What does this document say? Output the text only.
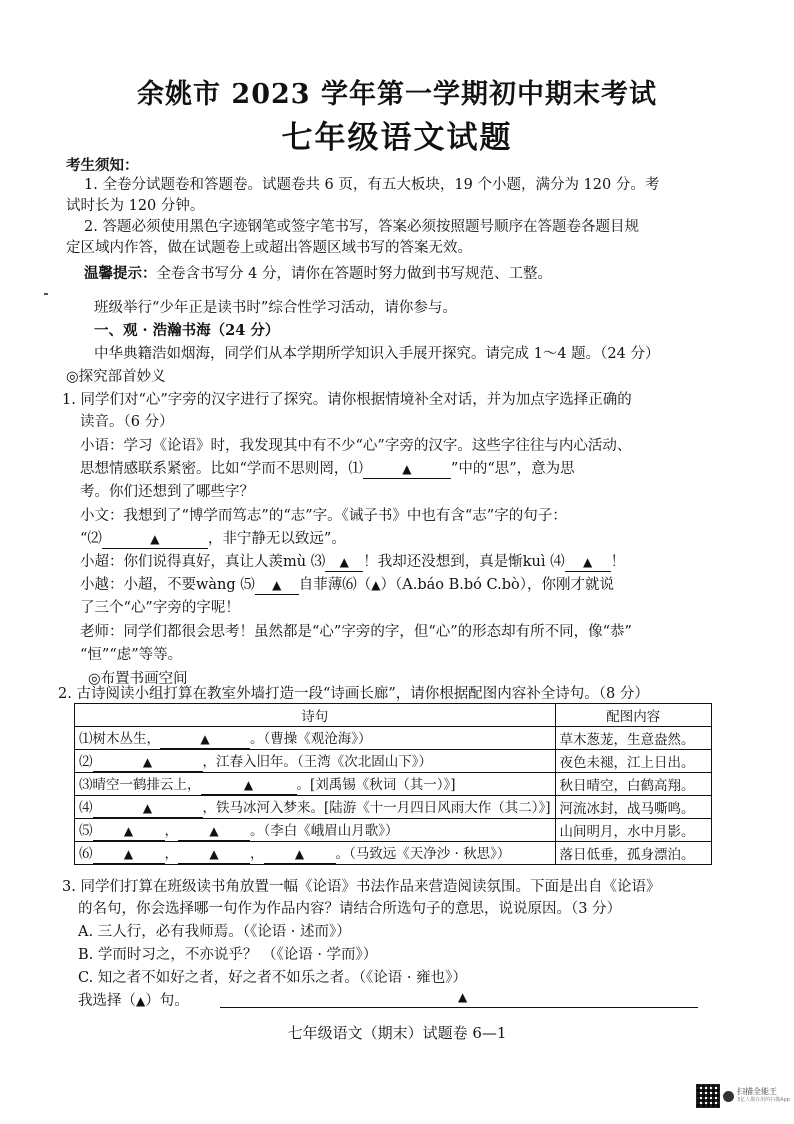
余姚市 2023 学年第一学期初中期末考试
七年级语文试题
考生须知：
1. 全卷分试题卷和答题卷。试题卷共 6 页，有五大板块，19 个小题，满分为 120 分。考
试时长为 120 分钟。
2. 答题必须使用黑色字迹钢笔或签字笔书写，答案必须按照题号顺序在答题卷各题目规
定区域内作答，做在试题卷上或超出答题区域书写的答案无效。
温馨提示：全卷含书写分 4 分，请你在答题时努力做到书写规范、工整。
班级举行“少年正是读书时”综合性学习活动，请你参与。
一、观 · 浩瀚书海（24 分）
中华典籍浩如烟海，同学们从本学期所学知识入手展开探究。请完成 1～4 题。（24 分）
◎探究部首妙义
1. 同学们对“心”字旁的汉字进行了探究。请你根据情境补全对话，并为加点字选择正确的
读音。（6 分）
小语：学习《论语》时，我发现其中有不少“心”字旁的汉字。这些字往往与内心活动、
思想情感联系紧密。比如“学而不思则罔，⑴	▲	”中的“思”，意为思
考。你们还想到了哪些字？
小文：我想到了“博学而笃志”的“志”字。《诫子书》中也有含“志”字的句子：
“⑵	▲	，非宁静无以致远”。
小超：你们说得真好，真让人羡mù ⑶ ▲ ！我却还没想到，真是惭kuì ⑷ ▲ ！
小越：小超，不要wàng ⑸ ▲ 自菲薄⑹（▲）（A.báo B.bó C.bò），你刚才就说
了三个“心”字旁的字呢！
老师：同学们都很会思考！虽然都是“心”字旁的字，但“心”的形态却有所不同，像“恭”
“恒”“虑”等等。
◎布置书画空间
2. 古诗阅读小组打算在教室外墙打造一段“诗画长廊”，请你根据配图内容补全诗句。（8 分）
诗句	配图内容
⑴树木丛生， ▲ 。（曹操《观沧海》）	草木葱茏，生意盎然。
⑵ ▲ ，江春入旧年。（王湾《次北固山下》）	夜色未褪，江上日出。
⑶晴空一鹤排云上， ▲ 。[刘禹锡《秋词（其一）》]	秋日晴空，白鹤高翔。
⑷ ▲ ，铁马冰河入梦来。[陆游《十一月四日风雨大作（其二）》]	河流冰封，战马嘶鸣。
⑸ ▲ ， ▲ 。（李白《峨眉山月歌》）	山间明月，水中月影。
⑹ ▲ ， ▲ ， ▲ 。（马致远《天净沙 · 秋思》）	落日低垂，孤身漂泊。
3. 同学们打算在班级读书角放置一幅《论语》书法作品来营造阅读氛围。下面是出自《论语》
的名句，你会选择哪一句作为作品内容？请结合所选句子的意思，说说原因。（3 分）
A. 三人行，必有我师焉。（《论语 · 述而》）
B. 学而时习之，不亦说乎？ （《论语 · 学而》）
C. 知之者不如好之者，好之者不如乐之者。（《论语 · 雍也》）
我选择（▲）句。	▲
七年级语文（期末）试题卷 6—1
扫描全能王
3亿人都在用的扫描App
